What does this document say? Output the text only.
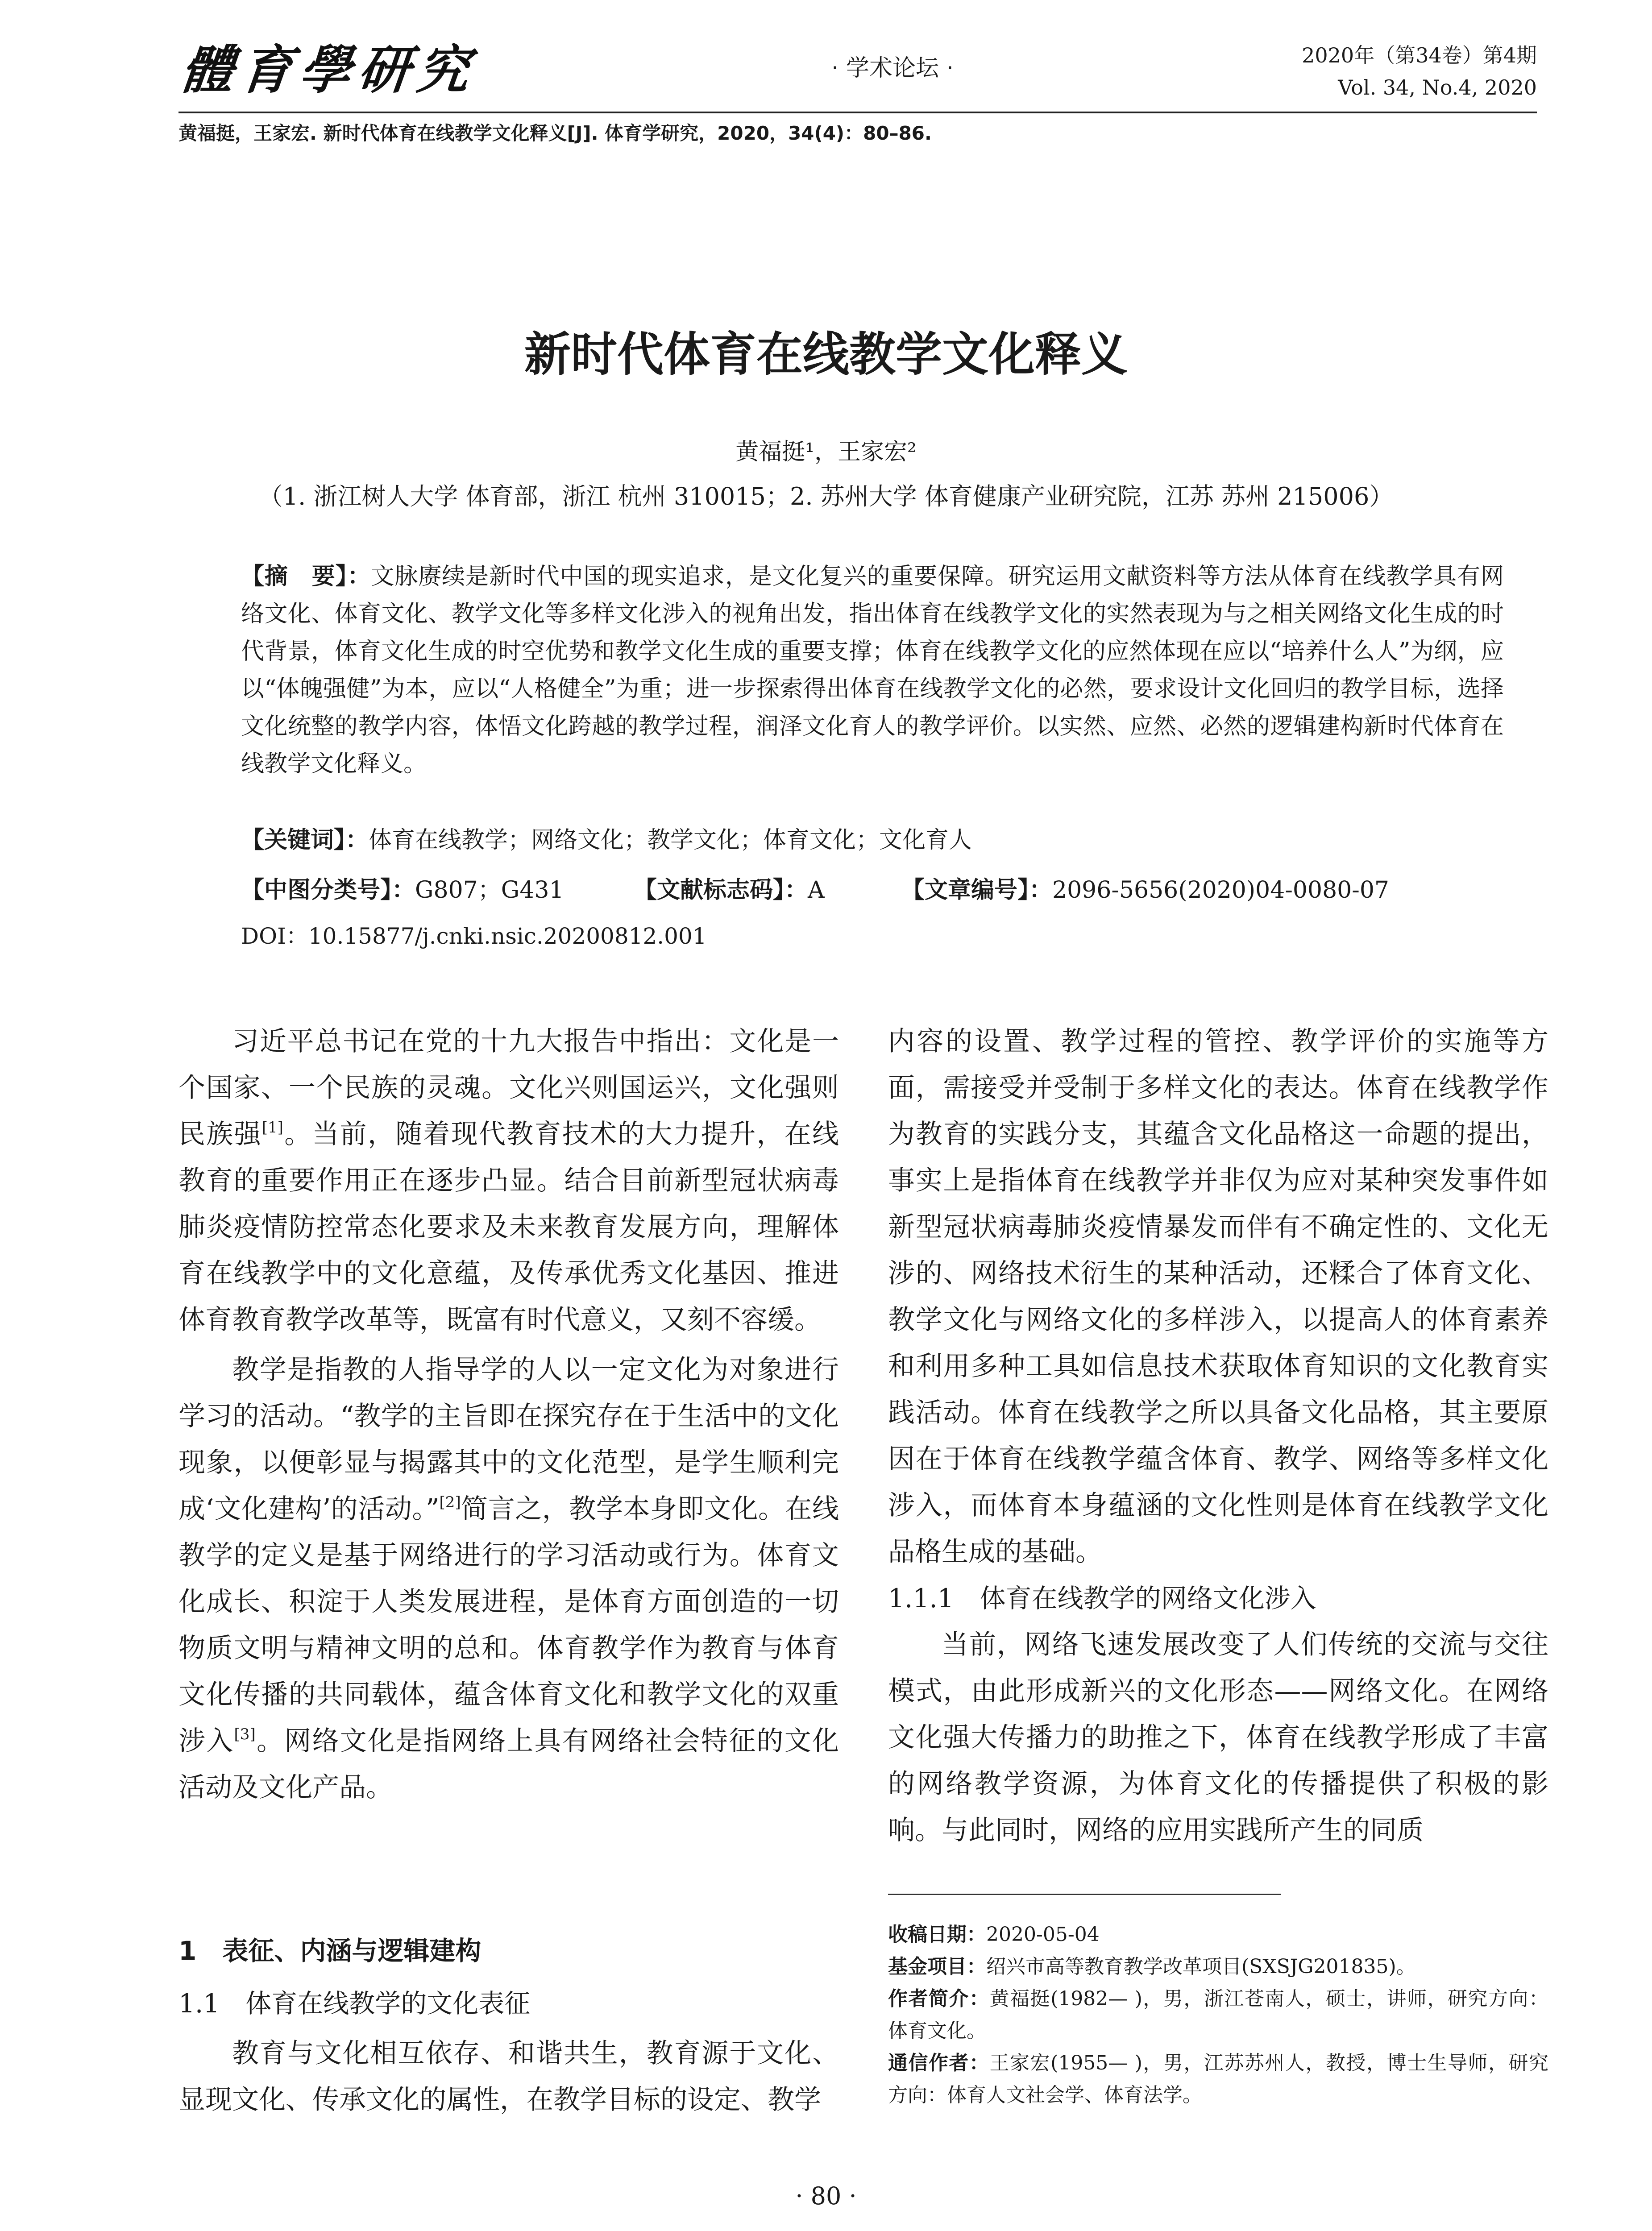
體育學研究	· 学术论坛 ·	2020年（第34卷）第4期
Vol. 34, No.4, 2020
黄福挺，王家宏. 新时代体育在线教学文化释义[J]. 体育学研究，2020，34(4)：80–86.
新时代体育在线教学文化释义
黄福挺¹，王家宏²
（1. 浙江树人大学 体育部，浙江 杭州 310015；2. 苏州大学 体育健康产业研究院，江苏 苏州 215006）
【摘　要】：文脉赓续是新时代中国的现实追求，是文化复兴的重要保障。研究运用文献资料等方法从体育在线教学具有网络文化、体育文化、教学文化等多样文化涉入的视角出发，指出体育在线教学文化的实然表现为与之相关网络文化生成的时代背景，体育文化生成的时空优势和教学文化生成的重要支撑；体育在线教学文化的应然体现在应以“培养什么人”为纲，应以“体魄强健”为本，应以“人格健全”为重；进一步探索得出体育在线教学文化的必然，要求设计文化回归的教学目标，选择文化统整的教学内容，体悟文化跨越的教学过程，润泽文化育人的教学评价。以实然、应然、必然的逻辑建构新时代体育在线教学文化释义。
【关键词】：体育在线教学；网络文化；教学文化；体育文化；文化育人
【中图分类号】：G807；G431	【文献标志码】：A	【文章编号】：2096-5656(2020)04-0080-07
DOI：10.15877/j.cnki.nsic.20200812.001

习近平总书记在党的十九大报告中指出：文化是一个国家、一个民族的灵魂。文化兴则国运兴，文化强则民族强[1]。当前，随着现代教育技术的大力提升，在线教育的重要作用正在逐步凸显。结合目前新型冠状病毒肺炎疫情防控常态化要求及未来教育发展方向，理解体育在线教学中的文化意蕴，及传承优秀文化基因、推进体育教育教学改革等，既富有时代意义，又刻不容缓。

教学是指教的人指导学的人以一定文化为对象进行学习的活动。“教学的主旨即在探究存在于生活中的文化现象，以便彰显与揭露其中的文化范型，是学生顺利完成‘文化建构’的活动。”[2]简言之，教学本身即文化。在线教学的定义是基于网络进行的学习活动或行为。体育文化成长、积淀于人类发展进程，是体育方面创造的一切物质文明与精神文明的总和。体育教学作为教育与体育文化传播的共同载体，蕴含体育文化和教学文化的双重涉入[3]。网络文化是指网络上具有网络社会特征的文化活动及文化产品。

1　表征、内涵与逻辑建构

1.1　体育在线教学的文化表征

教育与文化相互依存、和谐共生，教育源于文化、显现文化、传承文化的属性，在教学目标的设定、教学

内容的设置、教学过程的管控、教学评价的实施等方面，需接受并受制于多样文化的表达。体育在线教学作为教育的实践分支，其蕴含文化品格这一命题的提出，事实上是指体育在线教学并非仅为应对某种突发事件如新型冠状病毒肺炎疫情暴发而伴有不确定性的、文化无涉的、网络技术衍生的某种活动，还糅合了体育文化、教学文化与网络文化的多样涉入，以提高人的体育素养和利用多种工具如信息技术获取体育知识的文化教育实践活动。体育在线教学之所以具备文化品格，其主要原因在于体育在线教学蕴含体育、教学、网络等多样文化涉入，而体育本身蕴涵的文化性则是体育在线教学文化品格生成的基础。

1.1.1　体育在线教学的网络文化涉入

当前，网络飞速发展改变了人们传统的交流与交往模式，由此形成新兴的文化形态——网络文化。在网络文化强大传播力的助推之下，体育在线教学形成了丰富的网络教学资源，为体育文化的传播提供了积极的影响。与此同时，网络的应用实践所产生的同质

收稿日期：2020-05-04
基金项目：绍兴市高等教育教学改革项目(SXSJG201835)。
作者简介：黄福挺(1982— )，男，浙江苍南人，硕士，讲师，研究方向：体育文化。
通信作者：王家宏(1955— )，男，江苏苏州人，教授，博士生导师，研究方向：体育人文社会学、体育法学。
· 80 ·
